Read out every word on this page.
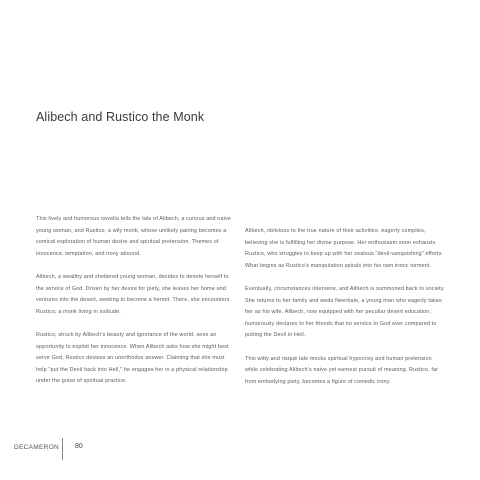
Alibech and Rustico the Monk

This lively and humorous novella tells the tale of Alibech, a curious and naive young woman, and Rustico, a wily monk, whose unlikely pairing becomes a comical exploration of human desire and spiritual pretension. Themes of innocence, temptation, and irony abound.

Alibech, a wealthy and sheltered young woman, decides to devote herself to the service of God. Driven by her desire for piety, she leaves her home and ventures into the desert, seeking to become a hermit. There, she encounters Rustico, a monk living in solitude.

Rustico, struck by Alibech's beauty and ignorance of the world, sees an opportunity to exploit her innocence. When Alibech asks how she might best serve God, Rustico devises an unorthodox answer. Claiming that she must help "put the Devil back into Hell," he engages her in a physical relationship under the guise of spiritual practice.

Alibech, oblivious to the true nature of their activities, eagerly complies, believing she is fulfilling her divine purpose. Her enthusiasm soon exhausts Rustico, who struggles to keep up with her zealous "devil-vanquishing" efforts. What begins as Rustico's manipulation spirals into his own ironic torment.

Eventually, circumstances intervene, and Alibech is summoned back to society. She returns to her family and weds Neerbale, a young man who eagerly takes her as his wife. Alibech, now equipped with her peculiar desert education, humorously declares to her friends that no service to God ever compared to putting the Devil in Hell.

This witty and risqué tale mocks spiritual hypocrisy and human pretension while celebrating Alibech's naive yet earnest pursuit of meaning. Rustico, far from embodying piety, becomes a figure of comedic irony.

DECAMERON 80
